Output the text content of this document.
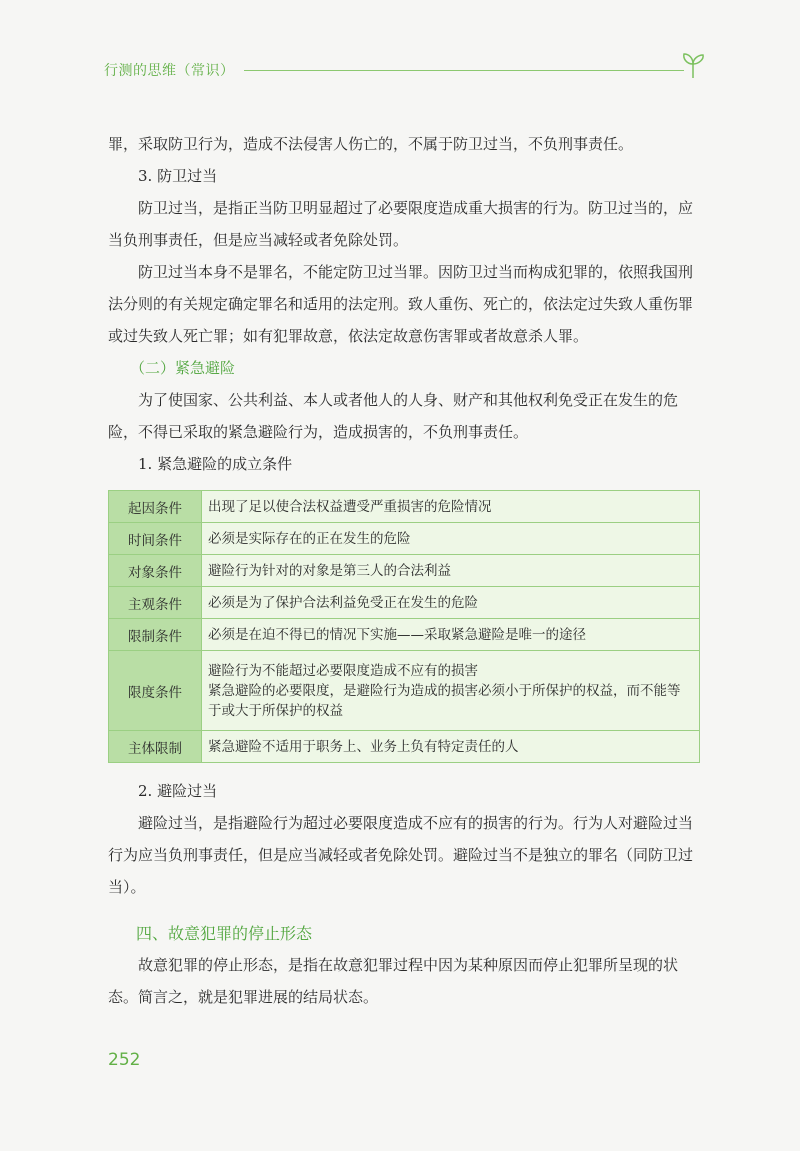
行测的思维（常识）

罪，采取防卫行为，造成不法侵害人伤亡的，不属于防卫过当，不负刑事责任。

3. 防卫过当

防卫过当，是指正当防卫明显超过了必要限度造成重大损害的行为。防卫过当的，应当负刑事责任，但是应当减轻或者免除处罚。

防卫过当本身不是罪名，不能定防卫过当罪。因防卫过当而构成犯罪的，依照我国刑法分则的有关规定确定罪名和适用的法定刑。致人重伤、死亡的，依法定过失致人重伤罪或过失致人死亡罪；如有犯罪故意，依法定故意伤害罪或者故意杀人罪。

（二）紧急避险

为了使国家、公共利益、本人或者他人的人身、财产和其他权利免受正在发生的危险，不得已采取的紧急避险行为，造成损害的，不负刑事责任。

1. 紧急避险的成立条件

起因条件	出现了足以使合法权益遭受严重损害的危险情况
时间条件	必须是实际存在的正在发生的危险
对象条件	避险行为针对的对象是第三人的合法利益
主观条件	必须是为了保护合法利益免受正在发生的危险
限制条件	必须是在迫不得已的情况下实施——采取紧急避险是唯一的途径
限度条件	避险行为不能超过必要限度造成不应有的损害
紧急避险的必要限度，是避险行为造成的损害必须小于所保护的权益，而不能等于或大于所保护的权益

主体限制	紧急避险不适用于职务上、业务上负有特定责任的人

2. 避险过当

避险过当，是指避险行为超过必要限度造成不应有的损害的行为。行为人对避险过当行为应当负刑事责任，但是应当减轻或者免除处罚。避险过当不是独立的罪名（同防卫过当）。

四、故意犯罪的停止形态

故意犯罪的停止形态，是指在故意犯罪过程中因为某种原因而停止犯罪所呈现的状态。简言之，就是犯罪进展的结局状态。

252
